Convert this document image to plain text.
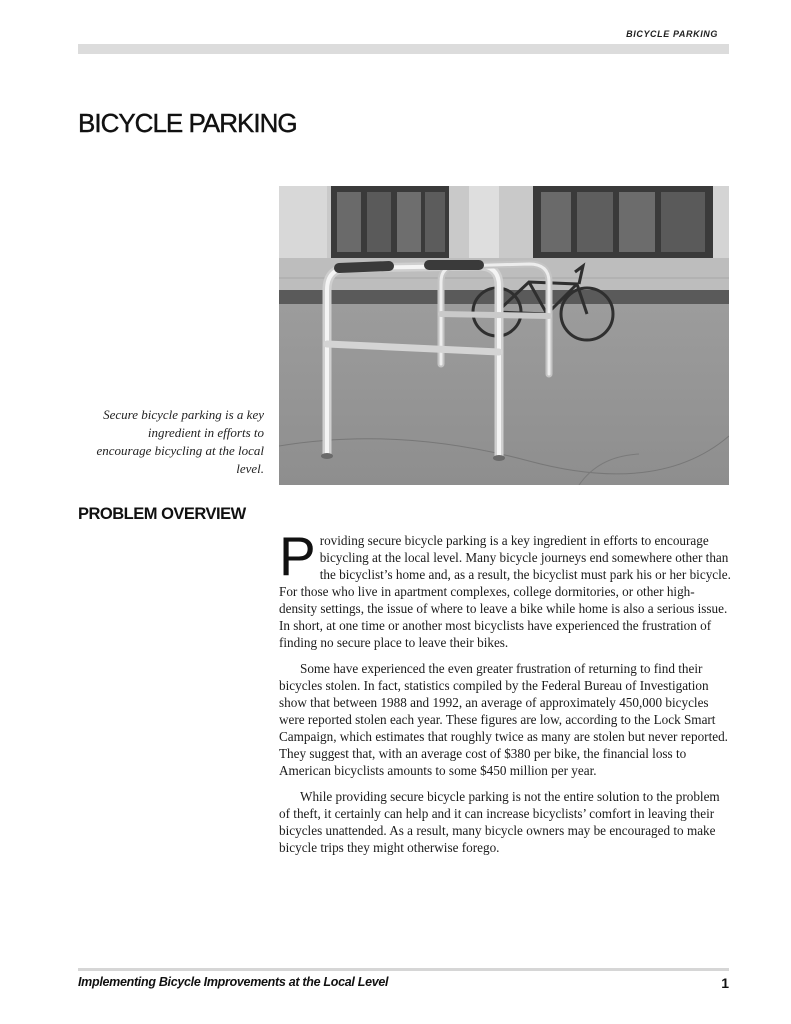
BICYCLE PARKING
BICYCLE PARKING

Secure bicycle parking is a key ingredient in efforts to encourage bicycling at the local level.

PROBLEM OVERVIEW

Providing secure bicycle parking is a key ingredient in efforts to encourage bicycling at the local level. Many bicycle journeys end somewhere other than the bicyclist’s home and, as a result, the bicyclist must park his or her bicycle. For those who live in apartment complexes, college dormitories, or other high-density settings, the issue of where to leave a bike while home is also a serious issue. In short, at one time or another most bicyclists have experienced the frustration of finding no secure place to leave their bikes.

Some have experienced the even greater frustration of returning to find their bicycles stolen. In fact, statistics compiled by the Federal Bureau of Investigation show that between 1988 and 1992, an average of approximately 450,000 bicycles were reported stolen each year. These figures are low, according to the Lock Smart Campaign, which estimates that roughly twice as many are stolen but never reported. They suggest that, with an average cost of $380 per bike, the financial loss to American bicyclists amounts to some $450 million per year.

While providing secure bicycle parking is not the entire solution to the problem of theft, it certainly can help and it can increase bicyclists’ comfort in leaving their bicycles unattended. As a result, many bicycle owners may be encouraged to make bicycle trips they might otherwise forego.

Implementing Bicycle Improvements at the Local Level	1
